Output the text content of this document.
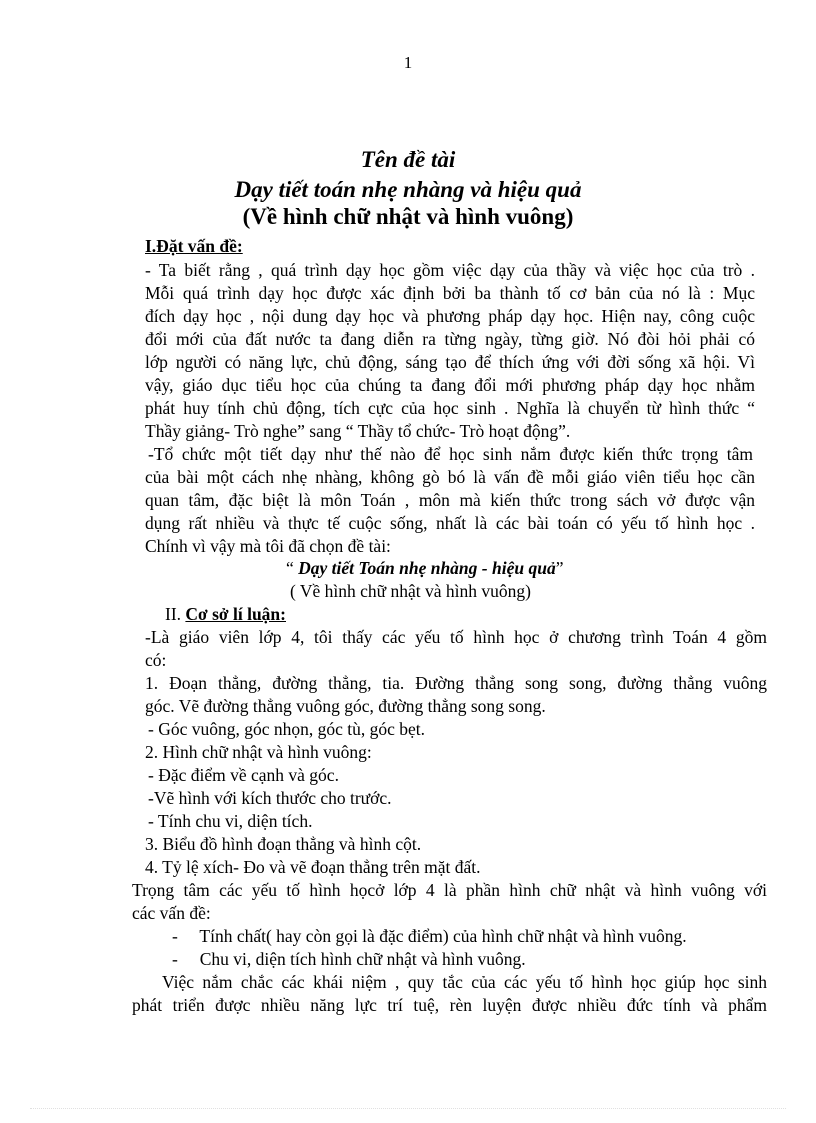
1
Tên đề tài
Dạy tiết toán nhẹ nhàng và hiệu quả
(Về hình chữ nhật và hình vuông)
I.Đặt vấn đề:
- Ta biết rằng , quá trình dạy học gồm việc dạy của thầy và việc học của trò .
Mỗi quá trình dạy học được xác định bởi ba thành tố cơ bản của nó là : Mục
đích dạy học , nội dung dạy học và phương pháp dạy học. Hiện nay, công cuộc
đổi mới của đất nước ta đang diễn ra từng ngày, từng giờ. Nó đòi hỏi phải có
lớp người có năng lực, chủ động, sáng tạo để thích ứng với đời sống xã hội. Vì
vậy, giáo dục tiểu học của chúng ta đang đổi mới phương pháp dạy học nhằm
phát huy tính chủ động, tích cực của học sinh . Nghĩa là chuyển từ hình thức “
Thầy giảng- Trò nghe” sang “ Thầy tổ chức- Trò hoạt động”.
-Tổ chức một tiết dạy như thế nào để học sinh nắm được kiến thức trọng tâm
của bài một cách nhẹ nhàng, không gò bó là vấn đề mỗi giáo viên tiểu học cần
quan tâm, đặc biệt là môn Toán , môn mà kiến thức trong sách vở được vận
dụng rất nhiều và thực tế cuộc sống, nhất là các bài toán có yếu tố hình học .
Chính vì vậy mà tôi đã chọn đề tài:
“ Dạy tiết Toán nhẹ nhàng - hiệu quả”
( Về hình chữ nhật và hình vuông)
II. Cơ sở lí luận:
-Là giáo viên lớp 4, tôi thấy các yếu tố hình học ở chương trình Toán 4 gồm
có:
1. Đoạn thẳng, đường thẳng, tia. Đường thẳng song song, đường thẳng vuông
góc. Vẽ đường thẳng vuông góc, đường thẳng song song.
- Góc vuông, góc nhọn, góc tù, góc bẹt.
2. Hình chữ nhật và hình vuông:
- Đặc điểm về cạnh và góc.
-Vẽ hình với kích thước cho trước.
- Tính chu vi, diện tích.
3. Biểu đồ hình đoạn thẳng và hình cột.
4. Tỷ lệ xích- Đo và vẽ đoạn thẳng trên mặt đất.
Trọng tâm các yếu tố hình họcở lớp 4 là phần hình chữ nhật và hình vuông với
các vấn đề:
-     Tính chất( hay còn gọi là đặc điểm) của hình chữ nhật và hình vuông.
-     Chu vi, diện tích hình chữ nhật và hình vuông.
Việc nắm chắc các khái niệm , quy tắc của các yếu tố hình học giúp học sinh
phát triển được nhiều năng lực trí tuệ, rèn luyện được nhiều đức tính và phẩm
